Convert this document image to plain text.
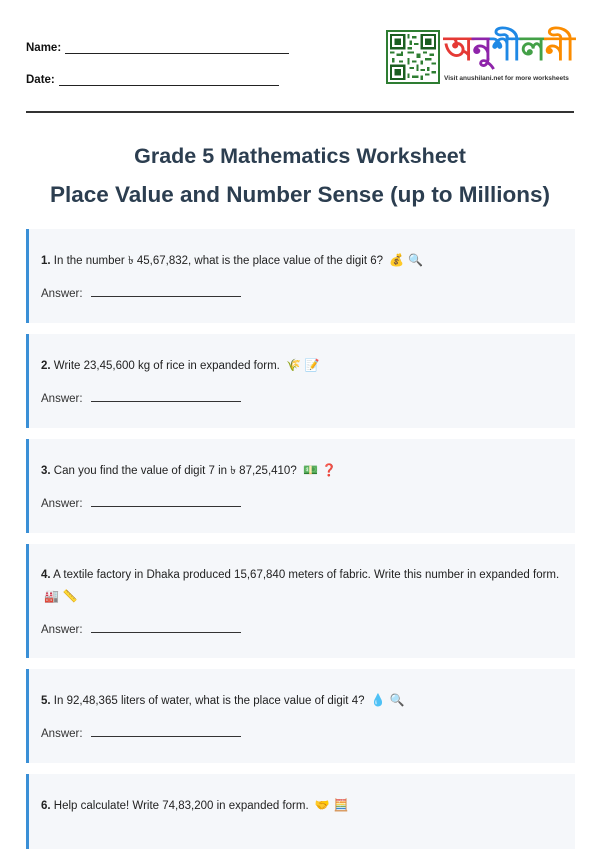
Name:
Date:
অনুশীলনী
Visit anushilani.net for more worksheets
Grade 5 Mathematics Worksheet
Place Value and Number Sense (up to Millions)
1. In the number ৳ 45,67,832, what is the place value of the digit 6? 💰 🔍
Answer:
2. Write 23,45,600 kg of rice in expanded form. 🌾 📝
Answer:
3. Can you find the value of digit 7 in ৳ 87,25,410? 💵 ❓
Answer:
4. A textile factory in Dhaka produced 15,67,840 meters of fabric. Write this number in expanded form. 🏭 📏
Answer:
5. In 92,48,365 liters of water, what is the place value of digit 4? 💧 🔍
Answer:
6. Help calculate! Write 74,83,200 in expanded form. 🤝 🧮
